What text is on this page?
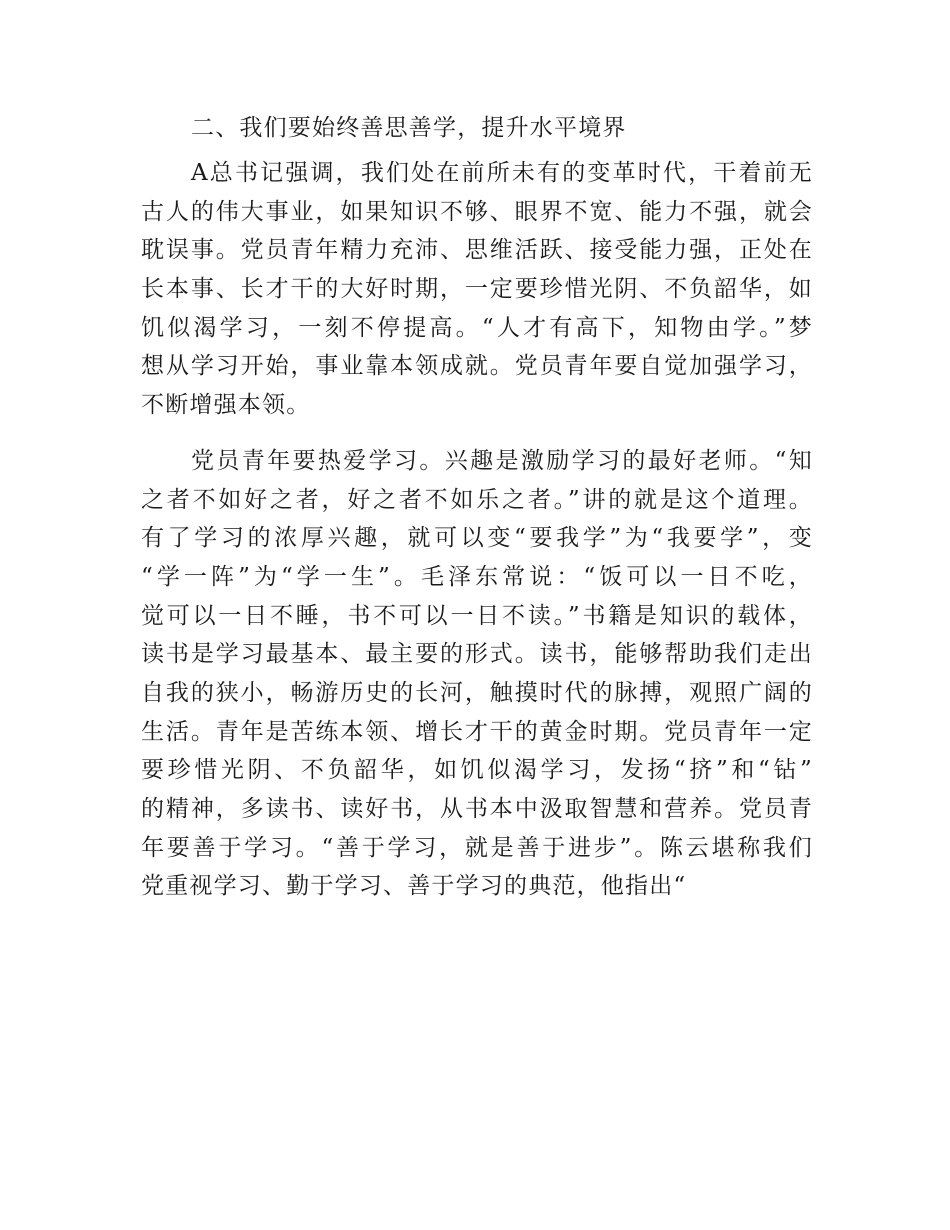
二、我们要始终善思善学，提升水平境界
A总书记强调，我们处在前所未有的变革时代，干着前无
古人的伟大事业，如果知识不够、眼界不宽、能力不强，就会
耽误事。党员青年精力充沛、思维活跃、接受能力强，正处在
长本事、长才干的大好时期，一定要珍惜光阴、不负韶华，如
饥似渴学习，一刻不停提高。“人才有高下，知物由学。”梦
想从学习开始，事业靠本领成就。党员青年要自觉加强学习，
不断增强本领。
党员青年要热爱学习。兴趣是激励学习的最好老师。“知
之者不如好之者，好之者不如乐之者。”讲的就是这个道理。
有了学习的浓厚兴趣，就可以变“要我学”为“我要学”，变
“学一阵”为“学一生”。毛泽东常说：“饭可以一日不吃，
觉可以一日不睡，书不可以一日不读。”书籍是知识的载体，
读书是学习最基本、最主要的形式。读书，能够帮助我们走出
自我的狭小，畅游历史的长河，触摸时代的脉搏，观照广阔的
生活。青年是苦练本领、增长才干的黄金时期。党员青年一定
要珍惜光阴、不负韶华，如饥似渴学习，发扬“挤”和“钻”
的精神，多读书、读好书，从书本中汲取智慧和营养。党员青
年要善于学习。“善于学习，就是善于进步”。陈云堪称我们
党重视学习、勤于学习、善于学习的典范，他指出“
